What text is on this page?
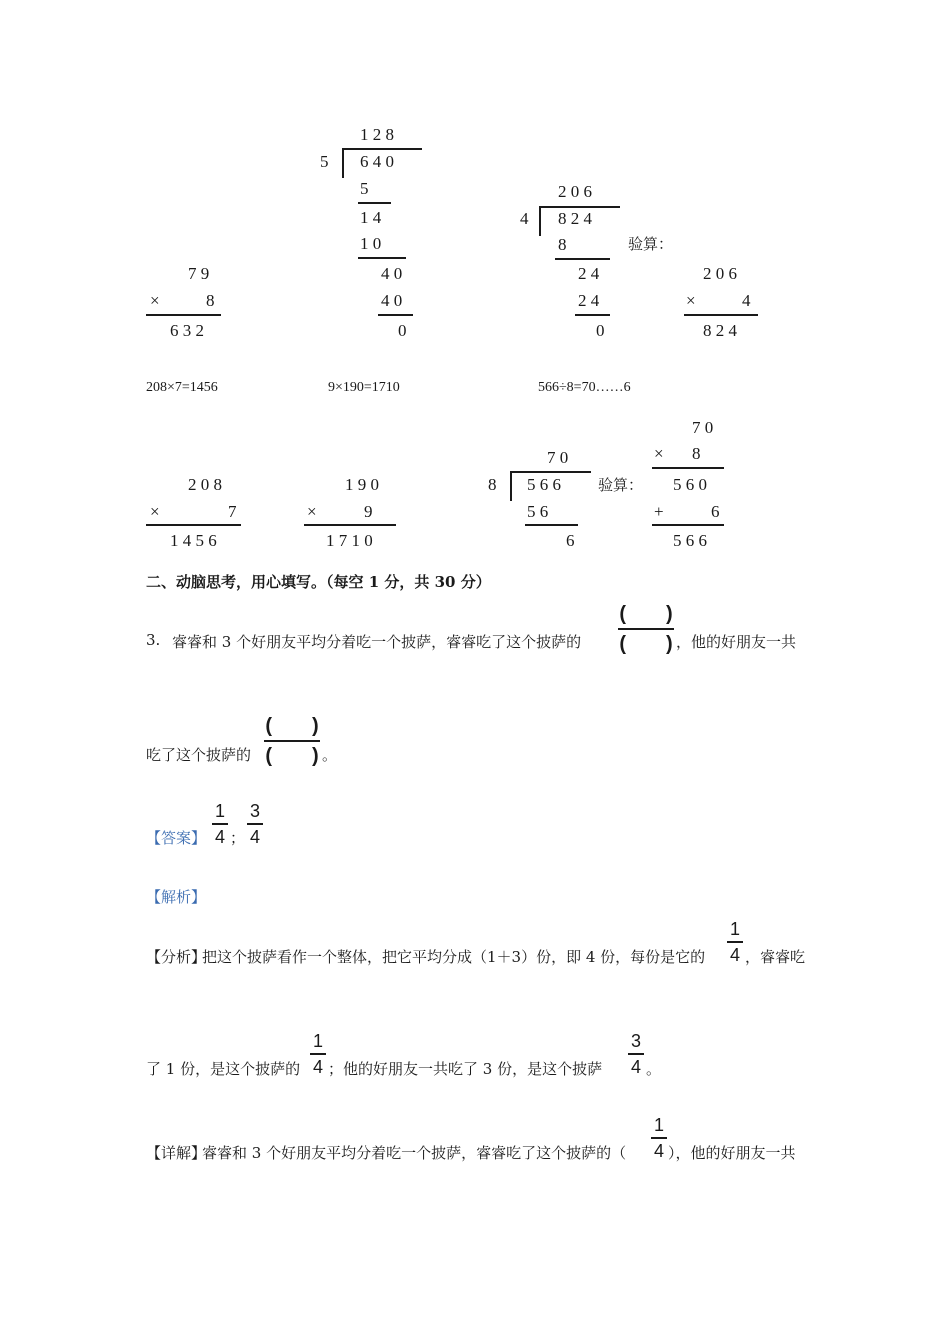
7 9
×	8
6 3 2
1 2 8
5 6 4 0
5
1 4
1 0
4 0
4 0
0
2 0 6
4 8 2 4
8	验算：
2 4
2 4
0
2 0 6
×	4
8 2 4
208×7=1456	9×190=1710	566÷8=70……6
2 0 8
×	7
1 4 5 6
1 9 0
×	9
1 7 1 0
7 0
8 5 6 6 验算：
5 6
6
7 0
× 8
5 6 0
+	6
5 6 6
二、动脑思考，用心填写。（每空 1 分，共 30 分）
3. 睿睿和 3 个好朋友平均分着吃一个披萨，睿睿吃了这个披萨的
(　　)
(　　) ，他的好朋友一共
吃了这个披萨的
(　　)
(　　) 。
【答案】
1
4 ；
3
4
【解析】
【分析】
把这个披萨看作一个整体，把它平均分成（1＋3）份，即 4 份，每份是它的
1
4 ，睿睿吃
了 1 份，是这个披萨的
1
4 ；他的好朋友一共吃了 3 份，是这个披萨
3
4 。
【详解】
睿睿和 3 个好朋友平均分着吃一个披萨，睿睿吃了这个披萨的（
1
4 ），他的好朋友一共
